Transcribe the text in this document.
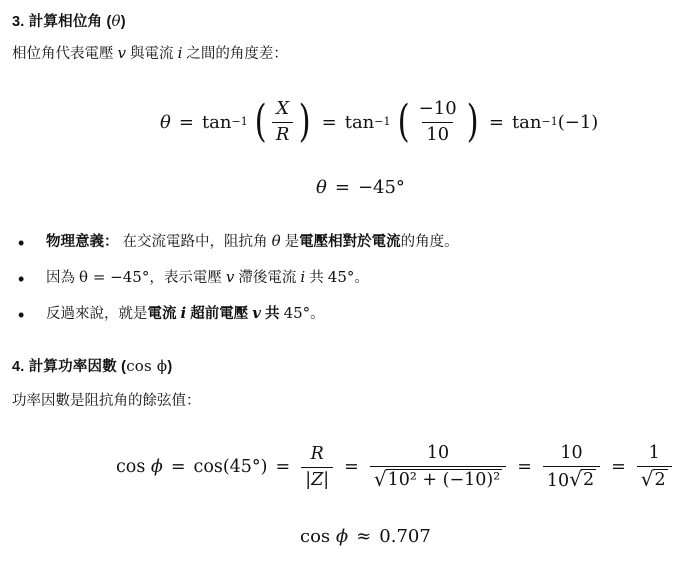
3. 計算相位角 (θ)
相位角代表電壓 v 與電流 i 之間的角度差：
θ = tan −1 ( $\frac{X}{R}$ ) = tan −1 ( $\frac{-10}{10}$ ) = tan −1 (−1)
θ = −45°
• 物理意義： 在交流電路中，阻抗角 θ 是電壓相對於電流的角度。
• 因為 θ = −45°，表示電壓 v 滯後電流 i 共 45°。
• 反過來說，就是電流 i 超前電壓 v 共 45°。
4. 計算功率因數 (cos ϕ)
功率因數是阻抗角的餘弦值：
cos
$\phi = \cos(45^\circ) = \frac{R}{|Z|} = \frac{10}{\text{√ 10² + (−10)²}} = \frac{10}{10 √ 2} = \frac{1}{√ 2}$
cos
ϕ ≈ 0.707
